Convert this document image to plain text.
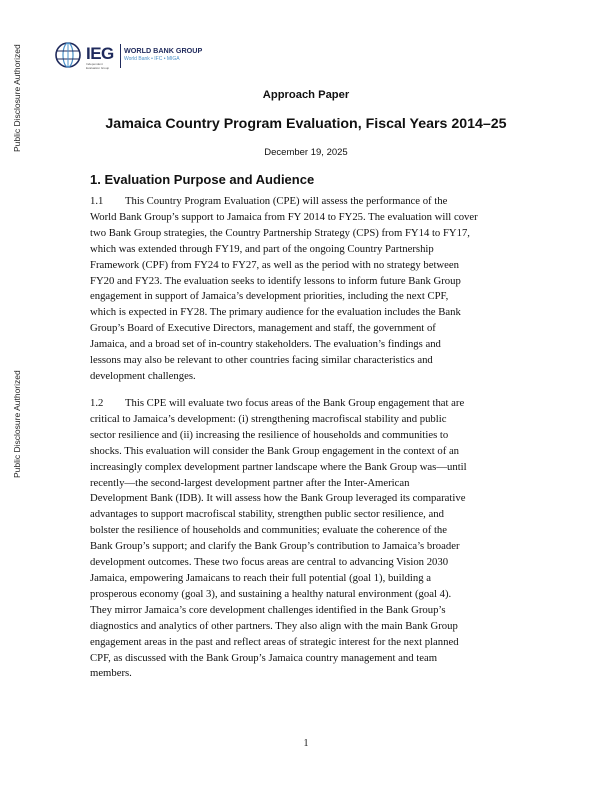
Public Disclosure Authorized
Public Disclosure Authorized
IEG
Independent Evaluation Group
WORLD BANK GROUP
World Bank • IFC • MIGA
Approach Paper
Jamaica Country Program Evaluation, Fiscal Years 2014–25
December 19, 2025
1. Evaluation Purpose and Audience

1.1 This Country Program Evaluation (CPE) will assess the performance of the

World Bank Group’s support to Jamaica from FY 2014 to FY25. The evaluation will cover

two Bank Group strategies, the Country Partnership Strategy (CPS) from FY14 to FY17,

which was extended through FY19, and part of the ongoing Country Partnership

Framework (CPF) from FY24 to FY27, as well as the period with no strategy between

FY20 and FY23. The evaluation seeks to identify lessons to inform future Bank Group

engagement in support of Jamaica’s development priorities, including the next CPF,

which is expected in FY28. The primary audience for the evaluation includes the Bank

Group’s Board of Executive Directors, management and staff, the government of

Jamaica, and a broad set of in-country stakeholders. The evaluation’s findings and

lessons may also be relevant to other countries facing similar characteristics and

development challenges.

1.2 This CPE will evaluate two focus areas of the Bank Group engagement that are

critical to Jamaica’s development: (i) strengthening macrofiscal stability and public

sector resilience and (ii) increasing the resilience of households and communities to

shocks. This evaluation will consider the Bank Group engagement in the context of an

increasingly complex development partner landscape where the Bank Group was—until

recently—the second-largest development partner after the Inter-American

Development Bank (IDB). It will assess how the Bank Group leveraged its comparative

advantages to support macrofiscal stability, strengthen public sector resilience, and

bolster the resilience of households and communities; evaluate the coherence of the

Bank Group’s support; and clarify the Bank Group’s contribution to Jamaica’s broader

development outcomes. These two focus areas are central to advancing Vision 2030

Jamaica, empowering Jamaicans to reach their full potential (goal 1), building a

prosperous economy (goal 3), and sustaining a healthy natural environment (goal 4).

They mirror Jamaica’s core development challenges identified in the Bank Group’s

diagnostics and analytics of other partners. They also align with the main Bank Group

engagement areas in the past and reflect areas of strategic interest for the next planned

CPF, as discussed with the Bank Group’s Jamaica country management and team

members.

1
